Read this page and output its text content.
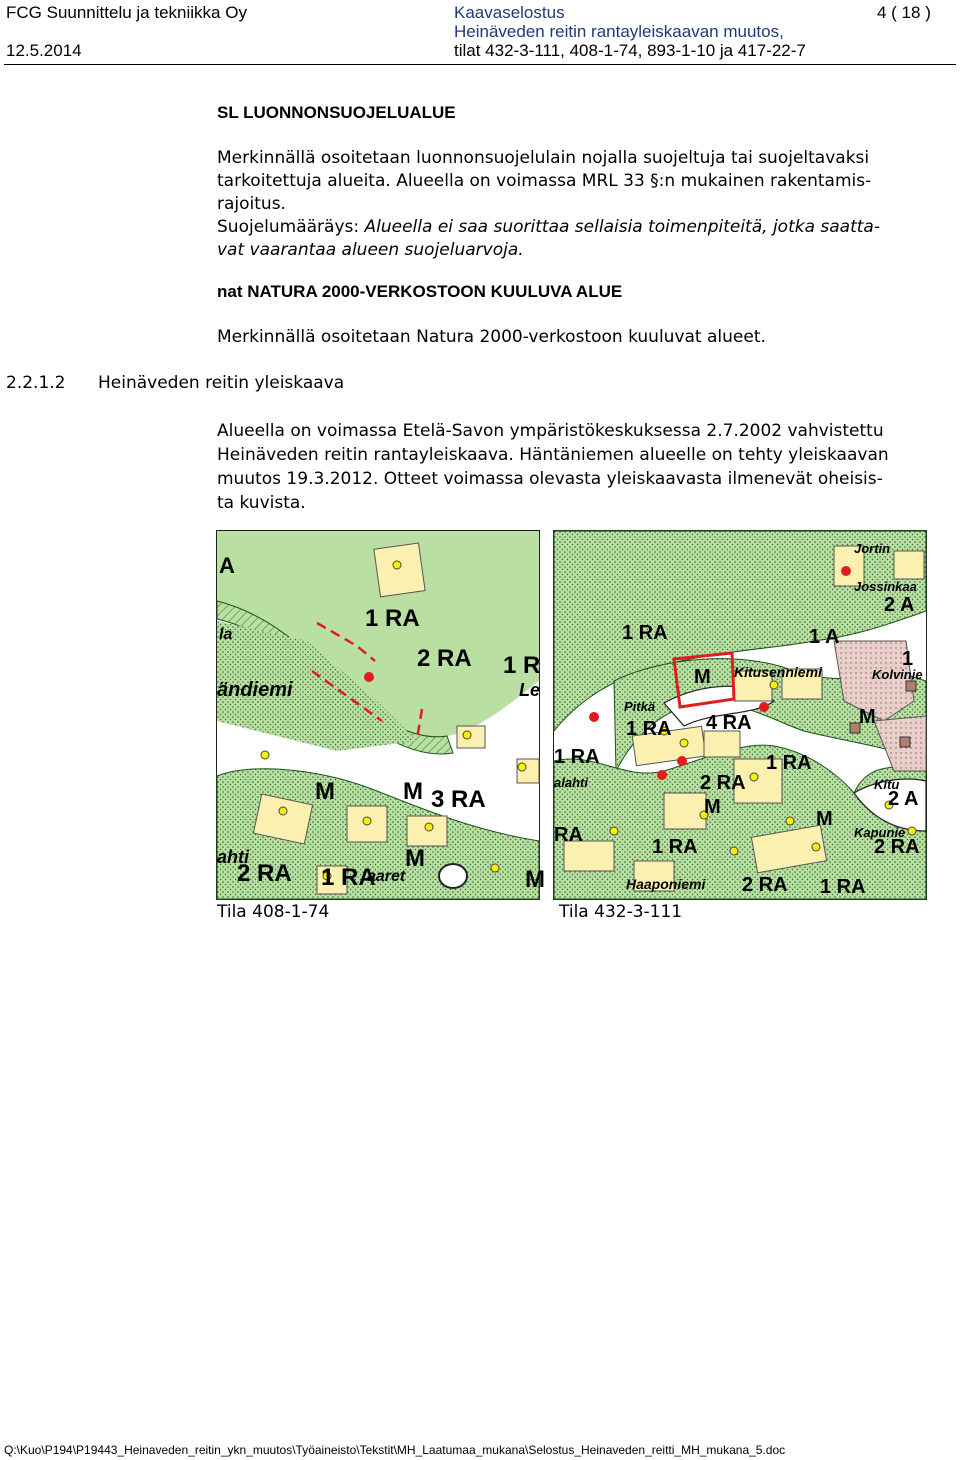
FCG Suunnittelu ja tekniikka Oy
12.5.2014
Kaavaselostus
Heinäveden reitin rantayleiskaavan muutos,
tilat 432-3-111, 408-1-74, 893-1-10 ja 417-22-7
4 ( 18 )
SL LUONNONSUOJELUALUE
Merkinnällä osoitetaan luonnonsuojelulain nojalla suojeltuja tai suojeltavaksi
tarkoitettuja alueita. Alueella on voimassa MRL 33 §:n mukainen rakentamis-
rajoitus.
Suojelumääräys: Alueella ei saa suorittaa sellaisia toimenpiteitä, jotka saatta-
vat vaarantaa alueen suojeluarvoja.
nat NATURA 2000-VERKOSTOON KUULUVA ALUE
Merkinnällä osoitetaan Natura 2000-verkostoon kuuluvat alueet.
2.2.1.2 Heinäveden reitin yleiskaava
Alueella on voimassa Etelä-Savon ympäristökeskuksessa 2.7.2002 vahvistettu
Heinäveden reitin rantayleiskaava. Häntäniemen alueelle on tehty yleiskaavan
muutos 19.3.2012. Otteet voimassa olevasta yleiskaavasta ilmenevät oheisis-
ta kuvista.
A
1 RA
2 RA 1 R
M	M 3 RA
2 RA 1 RA
M
M
ändiemi
ahti
aaret
Le
la
Tila 408-1-74
2 A
1 RA	1 A
1
M
1 RA 4 RA	M
1 RA	1 RA
2 RA
M
M
2 A
RA
1 RA	2 RA
2 RA 1 RA
Kitusenniemi
Haaponiemi
Jossinkaa
Jortin
Kolvinie
Pitkä
alahti
Kapunie
Kitu
Tila 432-3-111
Q:\Kuo\P194\P19443_Heinaveden_reitin_ykn_muutos\Työaineisto\Tekstit\MH_Laatumaa_mukana\Selostus_Heinaveden_reitti_MH_mukana_5.doc
